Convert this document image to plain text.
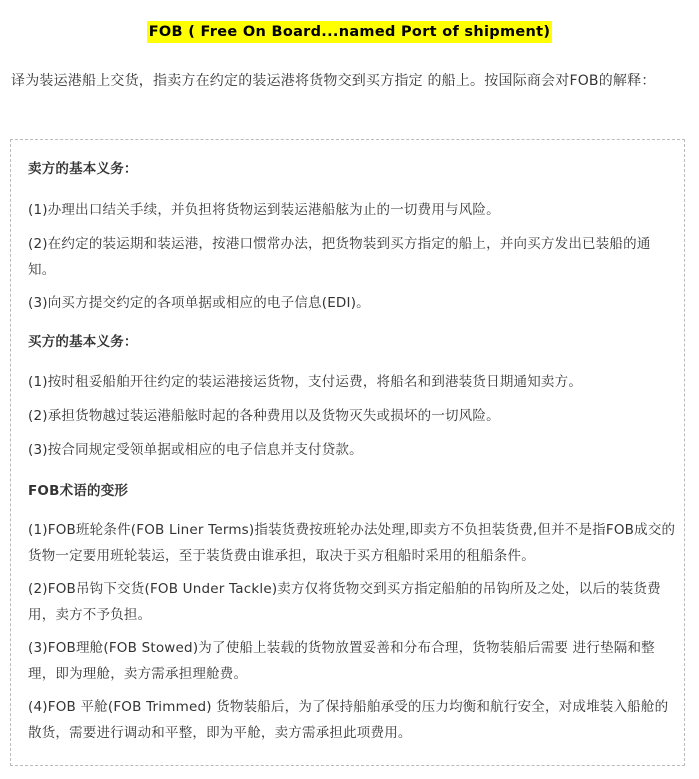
FOB ( Free On Board...named Port of shipment)

译为装运港船上交货，指卖方在约定的装运港将货物交到买方指定 的船上。按国际商会对FOB的解释：

卖方的基本义务：

(1)办理出口结关手续，并负担将货物运到装运港船舷为止的一切费用与风险。

(2)在约定的装运期和装运港，按港口惯常办法，把货物装到买方指定的船上，并向买方发出已装船的通知。

(3)向买方提交约定的各项单据或相应的电子信息(EDI)。

买方的基本义务：

(1)按时租妥船舶开往约定的装运港接运货物，支付运费，将船名和到港装货日期通知卖方。

(2)承担货物越过装运港船舷时起的各种费用以及货物灭失或损坏的一切风险。

(3)按合同规定受领单据或相应的电子信息并支付贷款。

FOB术语的变形

(1)FOB班轮条件(FOB Liner Terms)指装货费按班轮办法处理,即卖方不负担装货费,但并不是指FOB成交的货物一定要用班轮装运，至于装货费由谁承担，取决于买方租船时采用的租船条件。

(2)FOB吊钩下交货(FOB Under Tackle)卖方仅将货物交到买方指定船舶的吊钩所及之处，以后的装货费用，卖方不予负担。

(3)FOB理舱(FOB Stowed)为了使船上装载的货物放置妥善和分布合理，货物装船后需要 进行垫隔和整理，即为理舱，卖方需承担理舱费。

(4)FOB 平舱(FOB Trimmed) 货物装船后，为了保持船舶承受的压力均衡和航行安全，对成堆装入船舱的散货，需要进行调动和平整，即为平舱，卖方需承担此项费用。
